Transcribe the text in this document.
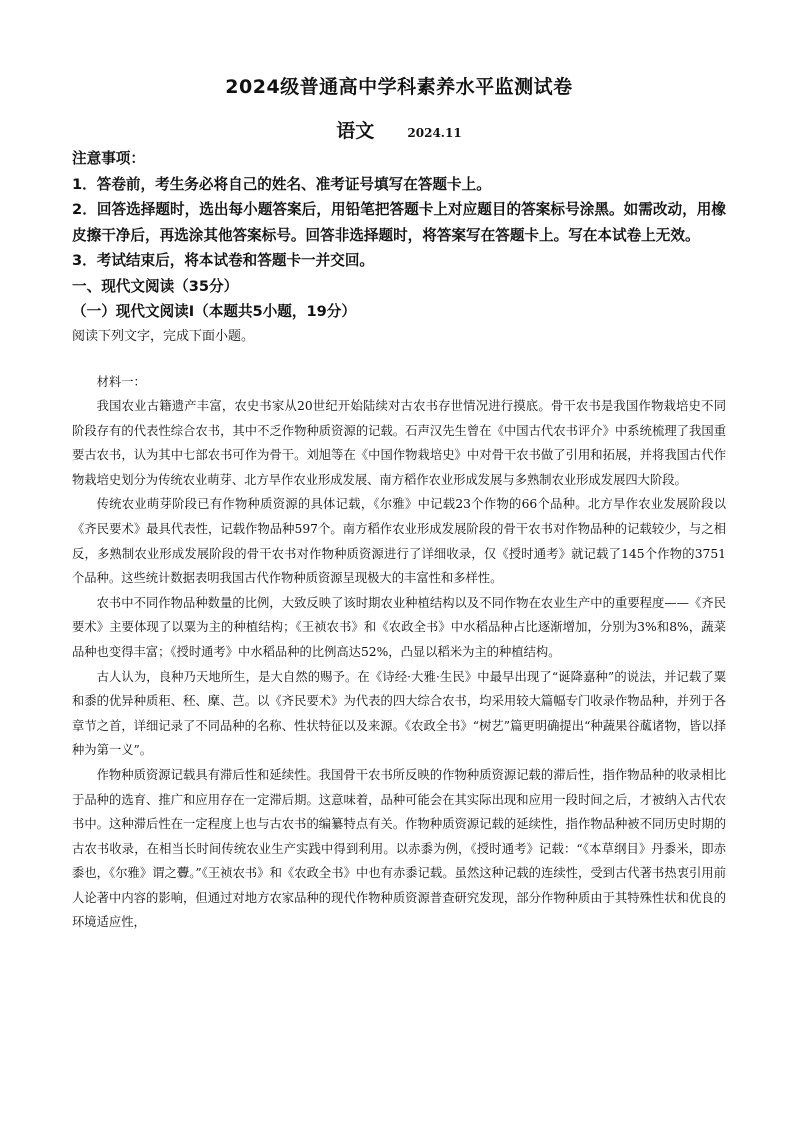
2024级普通高中学科素养水平监测试卷
语文	2024.11

注意事项：

1．答卷前，考生务必将自己的姓名、准考证号填写在答题卡上。

2．回答选择题时，选出每小题答案后，用铅笔把答题卡上对应题目的答案标号涂黑。如需改动，用橡皮擦干净后，再选涂其他答案标号。回答非选择题时，将答案写在答题卡上。写在本试卷上无效。

3．考试结束后，将本试卷和答题卡一并交回。

一、现代文阅读（35分）

（一）现代文阅读Ⅰ（本题共5小题，19分）

阅读下列文字，完成下面小题。

材料一：

我国农业古籍遗产丰富，农史书家从20世纪开始陆续对古农书存世情况进行摸底。骨干农书是我国作物栽培史不同阶段存有的代表性综合农书，其中不乏作物种质资源的记载。石声汉先生曾在《中国古代农书评介》中系统梳理了我国重要古农书，认为其中七部农书可作为骨干。刘旭等在《中国作物栽培史》中对骨干农书做了引用和拓展，并将我国古代作物栽培史划分为传统农业萌芽、北方旱作农业形成发展、南方稻作农业形成发展与多熟制农业形成发展四大阶段。

传统农业萌芽阶段已有作物种质资源的具体记载，《尔雅》中记载23个作物的66个品种。北方旱作农业发展阶段以《齐民要术》最具代表性，记载作物品种597个。南方稻作农业形成发展阶段的骨干农书对作物品种的记载较少，与之相反，多熟制农业形成发展阶段的骨干农书对作物种质资源进行了详细收录，仅《授时通考》就记载了145个作物的3751个品种。这些统计数据表明我国古代作物种质资源呈现极大的丰富性和多样性。

农书中不同作物品种数量的比例，大致反映了该时期农业种植结构以及不同作物在农业生产中的重要程度——《齐民要术》主要体现了以粟为主的种植结构；《王祯农书》和《农政全书》中水稻品种占比逐渐增加，分别为3%和8%，蔬菜品种也变得丰富；《授时通考》中水稻品种的比例高达52%，凸显以稻米为主的种植结构。

古人认为，良种乃天地所生，是大自然的赐予。在《诗经·大雅·生民》中最早出现了“诞降嘉种”的说法，并记载了粟和黍的优异种质秬、秠、穈、芑。以《齐民要术》为代表的四大综合农书，均采用较大篇幅专门收录作物品种，并列于各章节之首，详细记录了不同品种的名称、性状特征以及来源。《农政全书》“树艺”篇更明确提出“种蔬果谷蓏诸物，皆以择种为第一义”。

作物种质资源记载具有滞后性和延续性。我国骨干农书所反映的作物种质资源记载的滞后性，指作物品种的收录相比于品种的选育、推广和应用存在一定滞后期。这意味着，品种可能会在其实际出现和应用一段时间之后，才被纳入古代农书中。这种滞后性在一定程度上也与古农书的编纂特点有关。作物种质资源记载的延续性，指作物品种被不同历史时期的古农书收录，在相当长时间传统农业生产实践中得到利用。以赤黍为例，《授时通考》记载：“《本草纲目》丹黍米，即赤黍也，《尔雅》谓之虋。”《王祯农书》和《农政全书》中也有赤黍记载。虽然这种记载的连续性，受到古代著书热衷引用前人论著中内容的影响，但通过对地方农家品种的现代作物种质资源普查研究发现，部分作物种质由于其特殊性状和优良的环境适应性，
